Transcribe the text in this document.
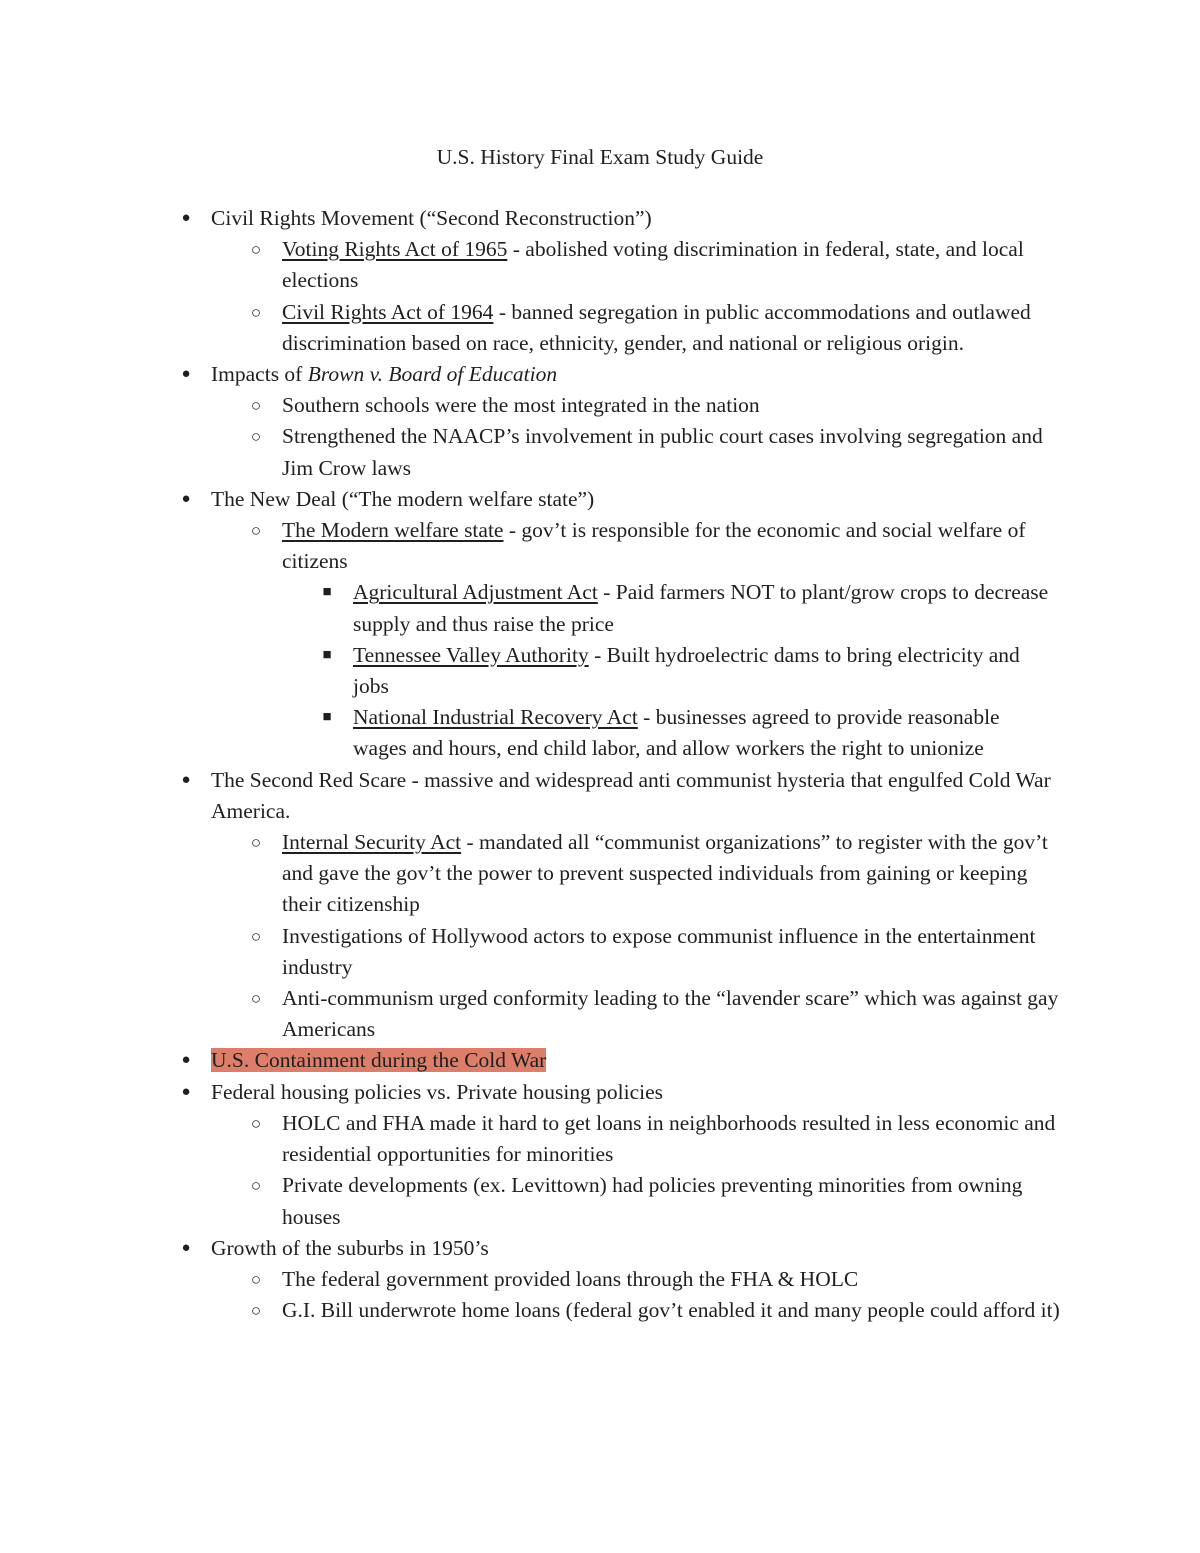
U.S. History Final Exam Study Guide
● Civil Rights Movement (“Second Reconstruction”)
○ Voting Rights Act of 1965 - abolished voting discrimination in federal, state, and local elections
○ Civil Rights Act of 1964 - banned segregation in public accommodations and outlawed discrimination based on race, ethnicity, gender, and national or religious origin.
● Impacts of Brown v. Board of Education
○ Southern schools were the most integrated in the nation
○ Strengthened the NAACP’s involvement in public court cases involving segregation and Jim Crow laws
● The New Deal (“The modern welfare state”)
○ The Modern welfare state - gov’t is responsible for the economic and social welfare of citizens
■ Agricultural Adjustment Act - Paid farmers NOT to plant/grow crops to decrease supply and thus raise the price
■ Tennessee Valley Authority - Built hydroelectric dams to bring electricity and jobs
■ National Industrial Recovery Act - businesses agreed to provide reasonable wages and hours, end child labor, and allow workers the right to unionize
● The Second Red Scare - massive and widespread anti communist hysteria that engulfed Cold War America.
○ Internal Security Act - mandated all “communist organizations” to register with the gov’t and gave the gov’t the power to prevent suspected individuals from gaining or keeping their citizenship
○ Investigations of Hollywood actors to expose communist influence in the entertainment industry
○ Anti-communism urged conformity leading to the “lavender scare” which was against gay Americans
● U.S. Containment during the Cold War
● Federal housing policies vs. Private housing policies
○ HOLC and FHA made it hard to get loans in neighborhoods resulted in less economic and residential opportunities for minorities
○ Private developments (ex. Levittown) had policies preventing minorities from owning houses
● Growth of the suburbs in 1950’s
○ The federal government provided loans through the FHA & HOLC
○ G.I. Bill underwrote home loans (federal gov’t enabled it and many people could afford it)
